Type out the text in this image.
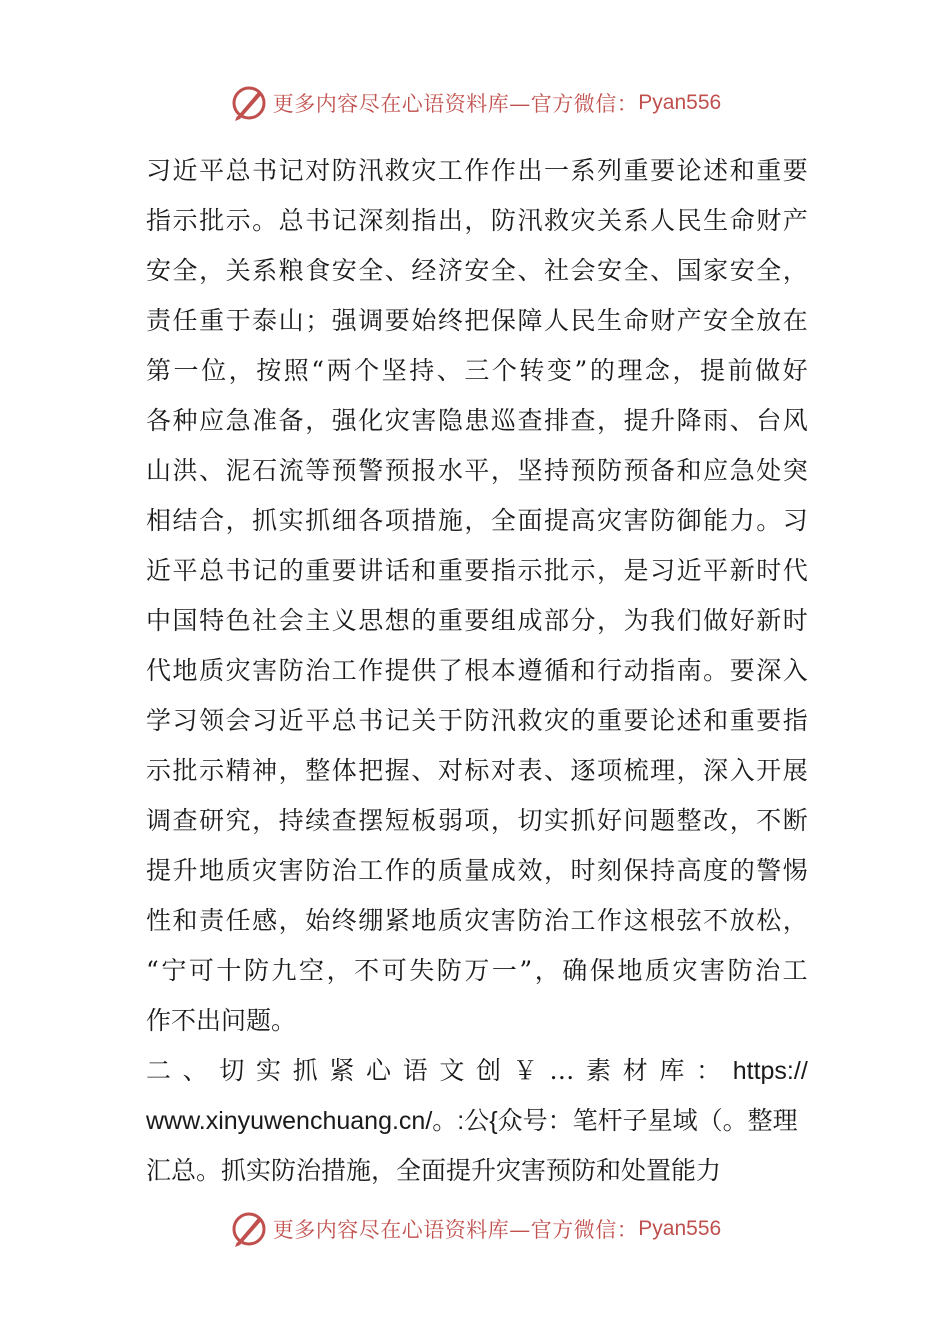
更多内容尽在心语资料库—官方微信： Pyan556
习 近 平 总 书 记 对 防 汛 救 灾 工 作 作 出 一 系 列 重 要 论 述 和 重 要
指 示 批 示 。 总 书 记 深 刻 指 出 ， 防 汛 救 灾 关 系 人 民 生 命 财 产
安 全 ， 关 系 粮 食 安 全 、 经 济 安 全 、 社 会 安 全 、 国 家 安 全 ，
责 任 重 于 泰 山 ； 强 调 要 始 终 把 保 障 人 民 生 命 财 产 安 全 放 在
第 一 位 ， 按 照 “ 两 个 坚 持 、 三 个 转 变 ” 的 理 念 ， 提 前 做 好
各 种 应 急 准 备 ， 强 化 灾 害 隐 患 巡 查 排 查 ， 提 升 降 雨 、 台 风
山 洪 、 泥 石 流 等 预 警 预 报 水 平 ， 坚 持 预 防 预 备 和 应 急 处 突
相 结 合 ， 抓 实 抓 细 各 项 措 施 ， 全 面 提 高 灾 害 防 御 能 力 。 习
近 平 总 书 记 的 重 要 讲 话 和 重 要 指 示 批 示 ， 是 习 近 平 新 时 代
中 国 特 色 社 会 主 义 思 想 的 重 要 组 成 部 分 ， 为 我 们 做 好 新 时
代 地 质 灾 害 防 治 工 作 提 供 了 根 本 遵 循 和 行 动 指 南 。 要 深 入
学 习 领 会 习 近 平 总 书 记 关 于 防 汛 救 灾 的 重 要 论 述 和 重 要 指
示 批 示 精 神 ， 整 体 把 握 、 对 标 对 表 、 逐 项 梳 理 ， 深 入 开 展
调 查 研 究 ， 持 续 查 摆 短 板 弱 项 ， 切 实 抓 好 问 题 整 改 ， 不 断
提 升 地 质 灾 害 防 治 工 作 的 质 量 成 效 ， 时 刻 保 持 高 度 的 警 惕
性 和 责 任 感 ， 始 终 绷 紧 地 质 灾 害 防 治 工 作 这 根 弦 不 放 松 ，
“ 宁 可 十 防 九 空 ， 不 可 失 防 万 一 ” ， 确 保 地 质 灾 害 防 治 工
作不出问题。
二 、 切 实 抓 紧 心 语 文 创 ￥ … 素 材 库 ： https://
www.xinyuwenchuang.cn/。:公{众号：笔杆子星域（。整理
汇总。抓实防治措施，全面提升灾害预防和处置能力
更多内容尽在心语资料库—官方微信： Pyan556
